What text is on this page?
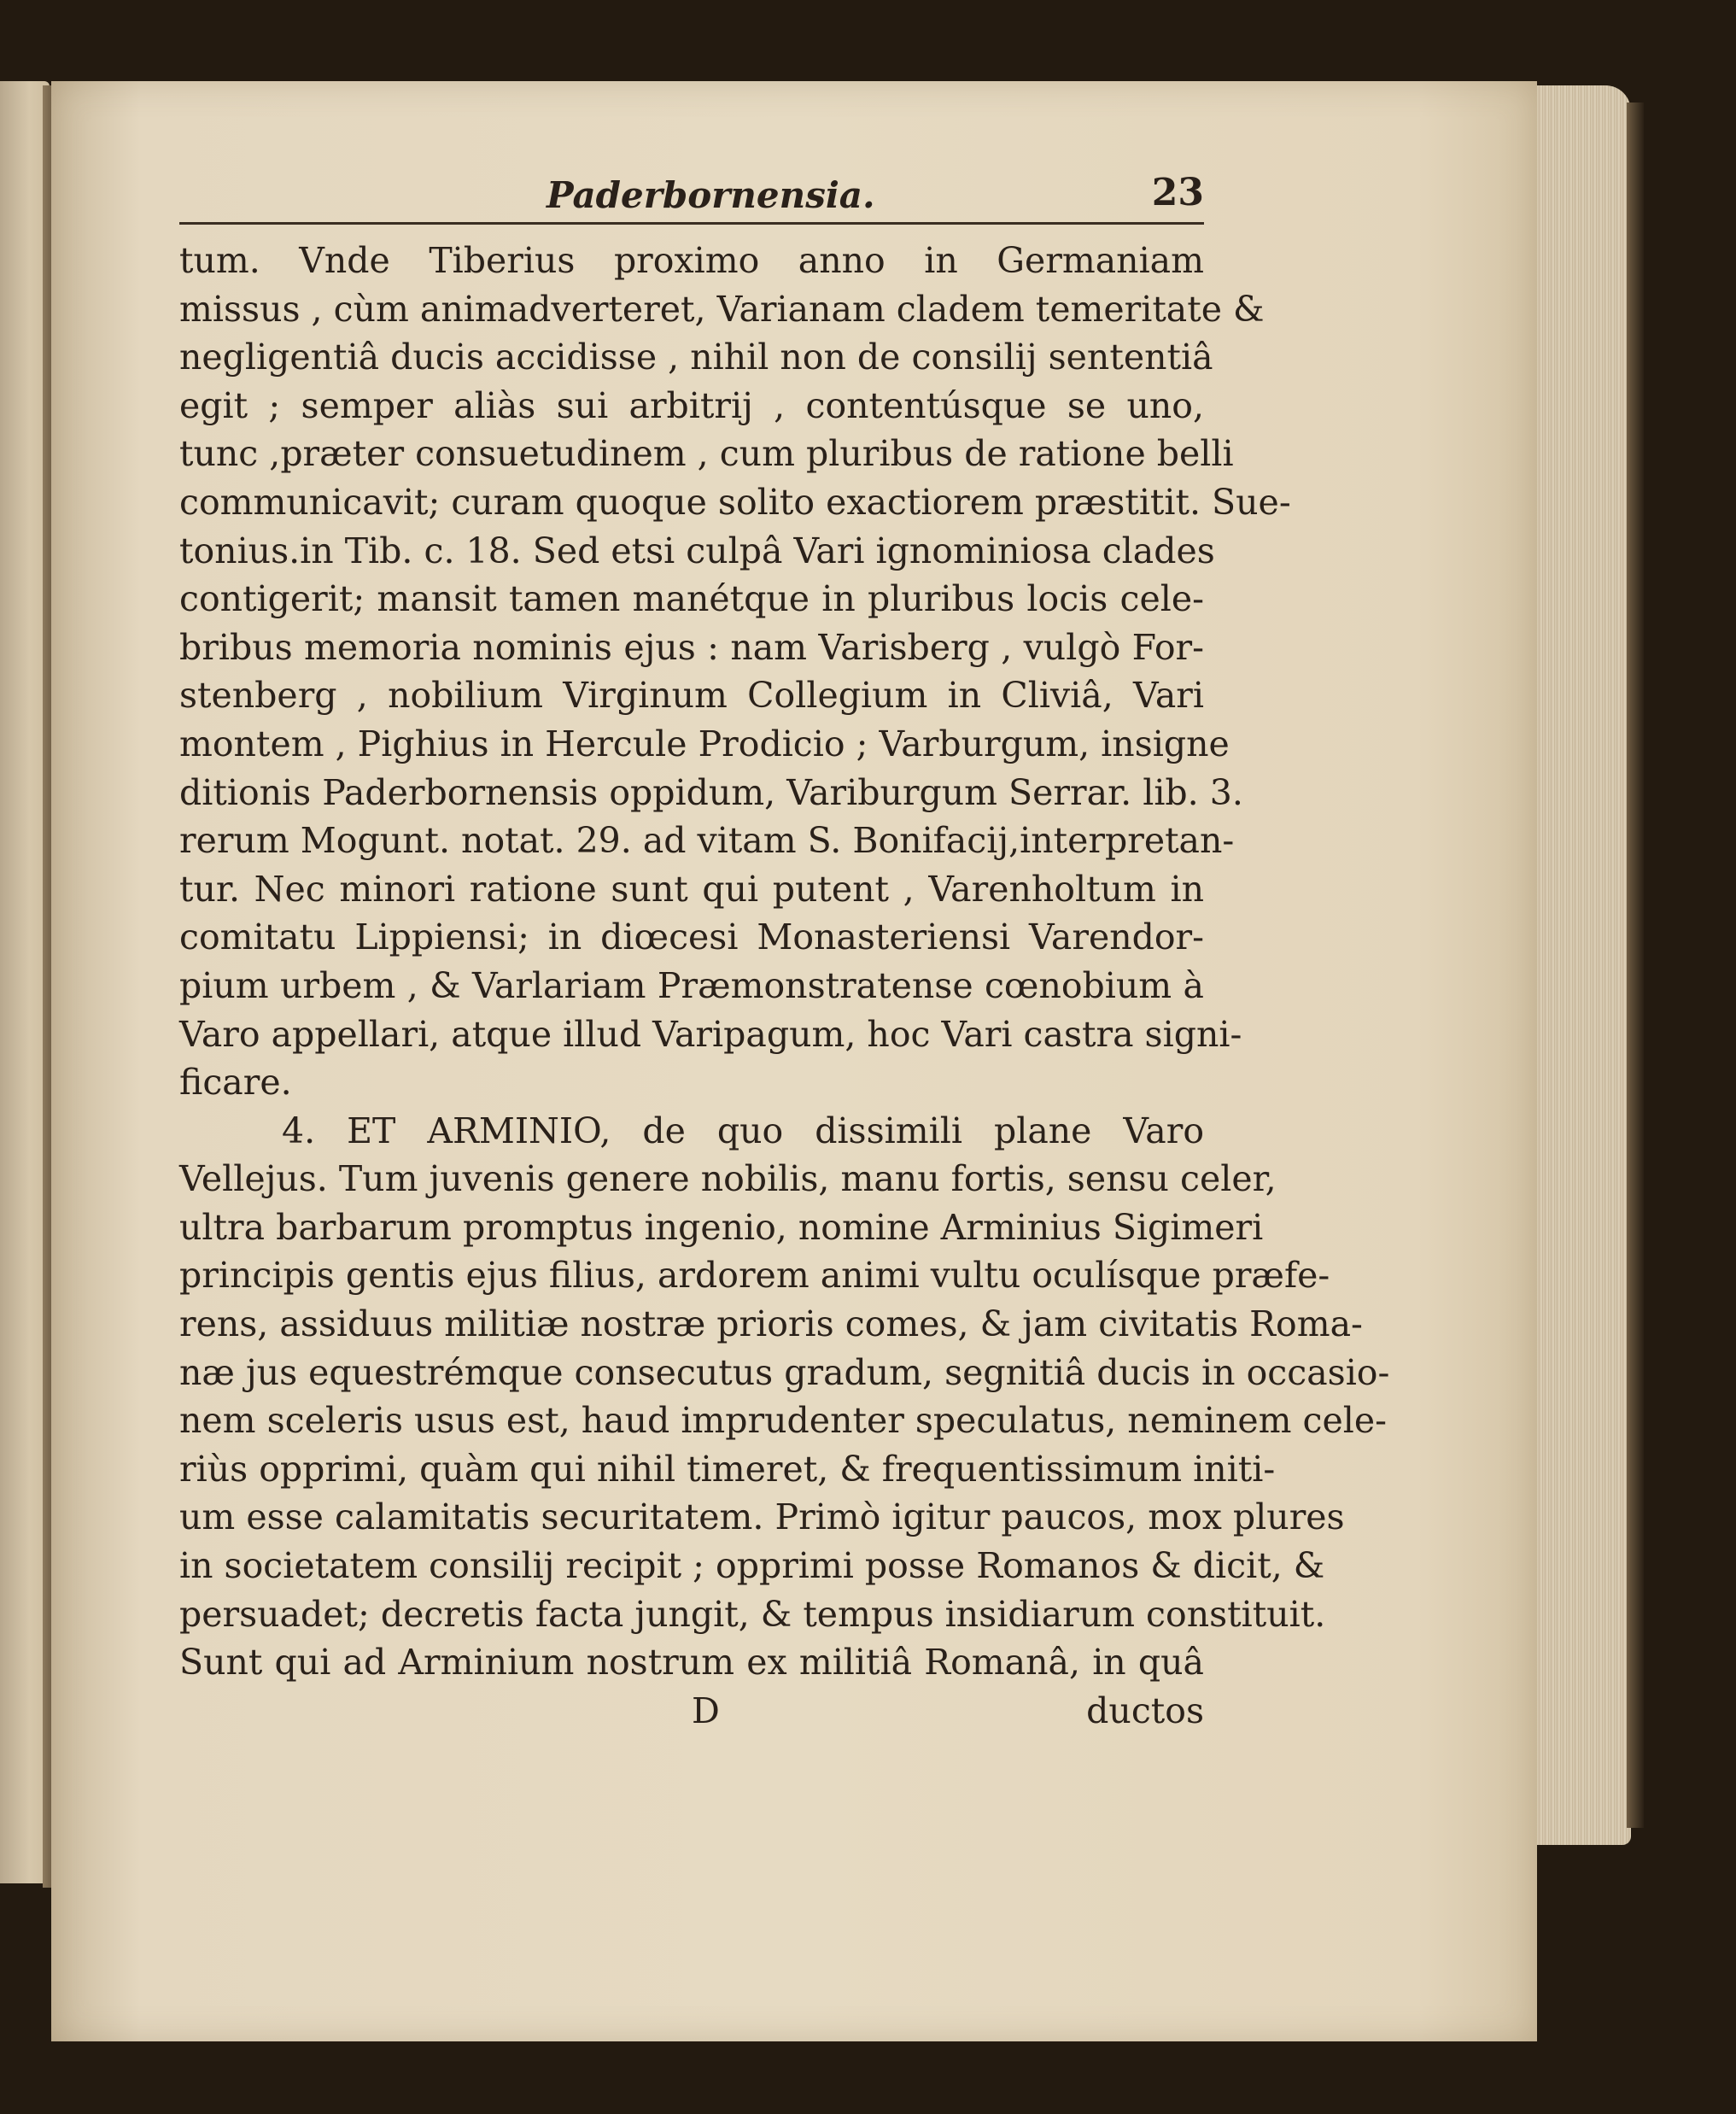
Paderbornensia.	23
tum. Vnde Tiberius proximo anno in Germaniam
missus , cùm animadverteret, Varianam cladem temeritate &
negligentiâ ducis accidisse , nihil non de consilij sententiâ
egit ; semper aliàs sui arbitrij , contentúsque se uno,
tunc ,præter consuetudinem , cum pluribus de ratione belli
communicavit; curam quoque solito exactiorem præstitit. Sue-
tonius.in Tib. c. 18. Sed etsi culpâ Vari ignominiosa clades
contigerit; mansit tamen manétque in pluribus locis cele-
bribus memoria nominis ejus : nam Varisberg , vulgò For-
stenberg , nobilium Virginum Collegium in Cliviâ, Vari
montem , Pighius in Hercule Prodicio ; Varburgum, insigne
ditionis Paderbornensis oppidum, Variburgum Serrar. lib. 3.
rerum Mogunt. notat. 29. ad vitam S. Bonifacij,interpretan-
tur. Nec minori ratione sunt qui putent , Varenholtum in
comitatu Lippiensi; in diœcesi Monasteriensi Varendor-
pium urbem , & Varlariam Præmonstratense cœnobium à
Varo appellari, atque illud Varipagum, hoc Vari castra signi-
ficare.
4. ET ARMINIO, de quo dissimili plane Varo
Vellejus. Tum juvenis genere nobilis, manu fortis, sensu celer,
ultra barbarum promptus ingenio, nomine Arminius Sigimeri
principis gentis ejus filius, ardorem animi vultu oculísque præfe-
rens, assiduus militiæ nostræ prioris comes, & jam civitatis Roma-
næ jus equestrémque consecutus gradum, segnitiâ ducis in occasio-
nem sceleris usus est, haud imprudenter speculatus, neminem cele-
riùs opprimi, quàm qui nihil timeret, & frequentissimum initi-
um esse calamitatis securitatem. Primò igitur paucos, mox plures
in societatem consilij recipit ; opprimi posse Romanos & dicit, &
persuadet; decretis facta jungit, & tempus insidiarum constituit.
Sunt qui ad Arminium nostrum ex militiâ Romanâ, in quâ
D	ductos
